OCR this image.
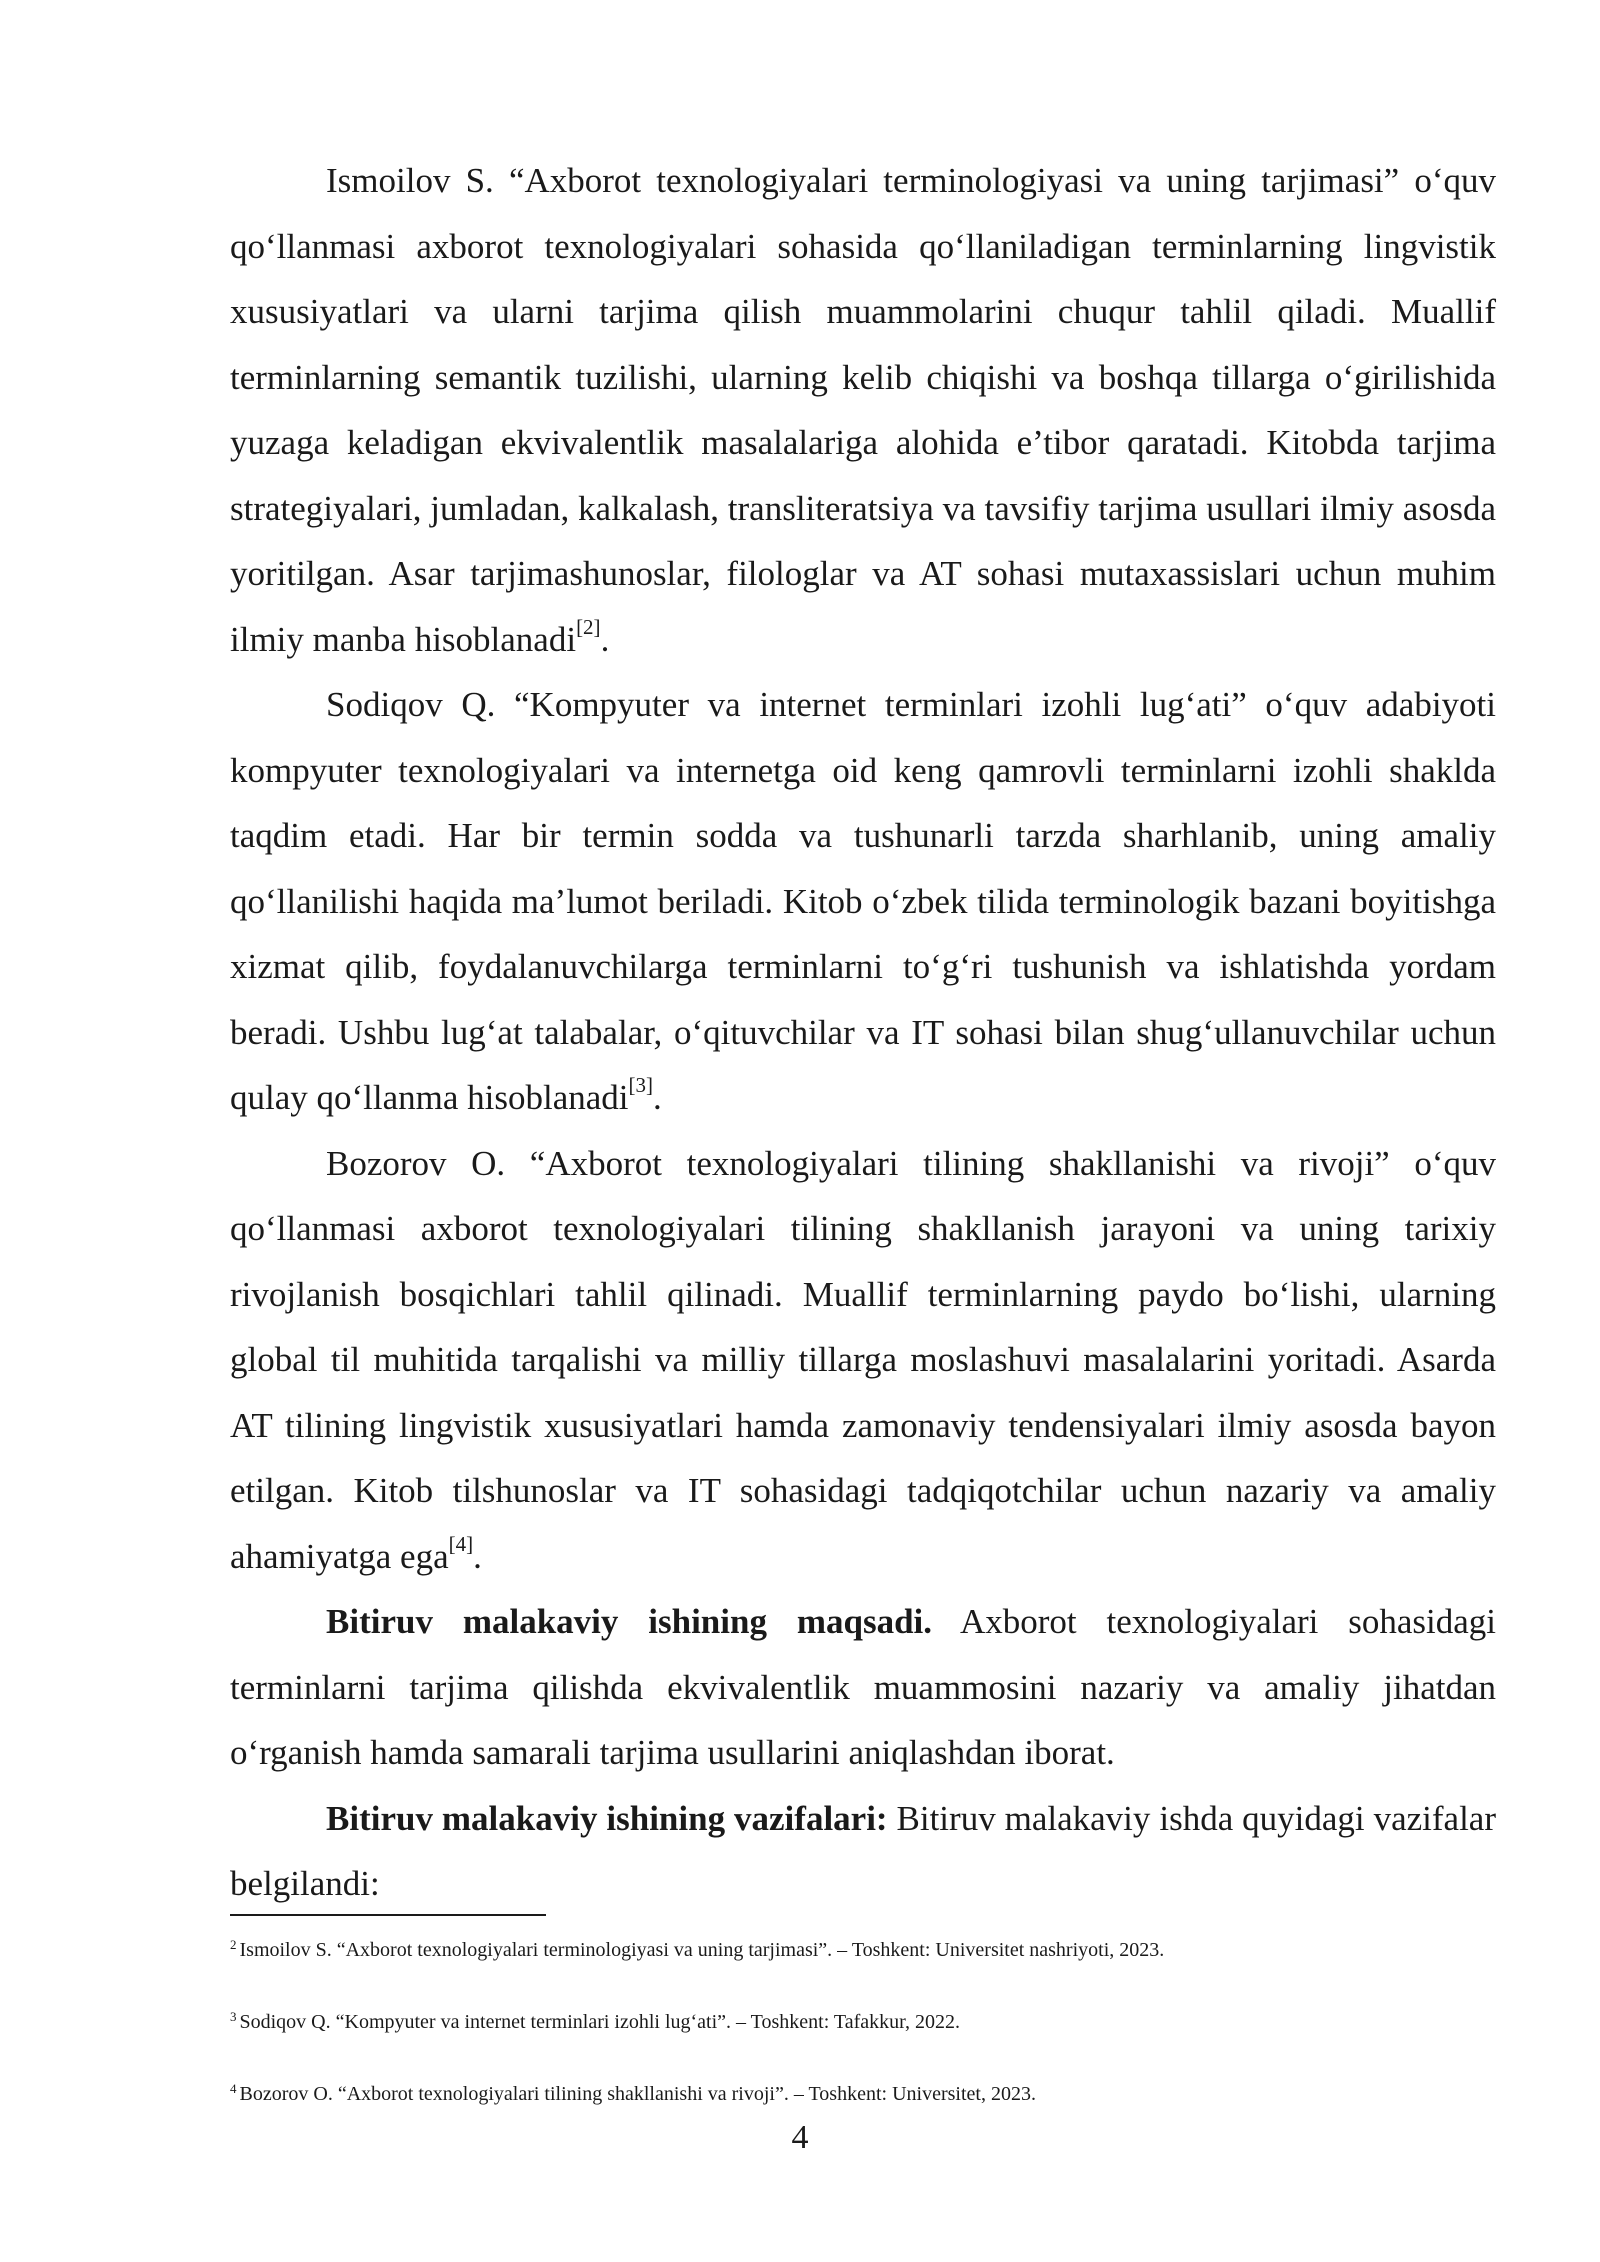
Ismoilov S. “Axborot texnologiyalari terminologiyasi va uning tarjimasi” o‘quv qo‘llanmasi axborot texnologiyalari sohasida qo‘llaniladigan terminlarning lingvistik xususiyatlari va ularni tarjima qilish muammolarini chuqur tahlil qiladi. Muallif terminlarning semantik tuzilishi, ularning kelib chiqishi va boshqa tillarga o‘girilishida yuzaga keladigan ekvivalentlik masalalariga alohida e’tibor qaratadi. Kitobda tarjima strategiyalari, jumladan, kalkalash, transliteratsiya va tavsifiy tarjima usullari ilmiy asosda yoritilgan. Asar tarjimashunoslar, filologlar va AT sohasi mutaxassislari uchun muhim ilmiy manba hisoblanadi[2].

Sodiqov Q. “Kompyuter va internet terminlari izohli lug‘ati” o‘quv adabiyoti kompyuter texnologiyalari va internetga oid keng qamrovli terminlarni izohli shaklda taqdim etadi. Har bir termin sodda va tushunarli tarzda sharhlanib, uning amaliy qo‘llanilishi haqida ma’lumot beriladi. Kitob o‘zbek tilida terminologik bazani boyitishga xizmat qilib, foydalanuvchilarga terminlarni to‘g‘ri tushunish va ishlatishda yordam beradi. Ushbu lug‘at talabalar, o‘qituvchilar va IT sohasi bilan shug‘ullanuvchilar uchun qulay qo‘llanma hisoblanadi[3].

Bozorov O. “Axborot texnologiyalari tilining shakllanishi va rivoji” o‘quv qo‘llanmasi axborot texnologiyalari tilining shakllanish jarayoni va uning tarixiy rivojlanish bosqichlari tahlil qilinadi. Muallif terminlarning paydo bo‘lishi, ularning global til muhitida tarqalishi va milliy tillarga moslashuvi masalalarini yoritadi. Asarda AT tilining lingvistik xususiyatlari hamda zamonaviy tendensiyalari ilmiy asosda bayon etilgan. Kitob tilshunoslar va IT sohasidagi tadqiqotchilar uchun nazariy va amaliy ahamiyatga ega[4].

Bitiruv malakaviy ishining maqsadi. Axborot texnologiyalari sohasidagi terminlarni tarjima qilishda ekvivalentlik muammosini nazariy va amaliy jihatdan o‘rganish hamda samarali tarjima usullarini aniqlashdan iborat.

Bitiruv malakaviy ishining vazifalari: Bitiruv malakaviy ishda quyidagi vazifalar belgilandi:

$^2$ Ismoilov S. “Axborot texnologiyalari terminologiyasi va uning tarjimasi”. – Toshkent: Universitet nashriyoti, 2023.

$^3$ Sodiqov Q. “Kompyuter va internet terminlari izohli lug‘ati”. – Toshkent: Tafakkur, 2022.

$^4$ Bozorov O. “Axborot texnologiyalari tilining shakllanishi va rivoji”. – Toshkent: Universitet, 2023.

4
